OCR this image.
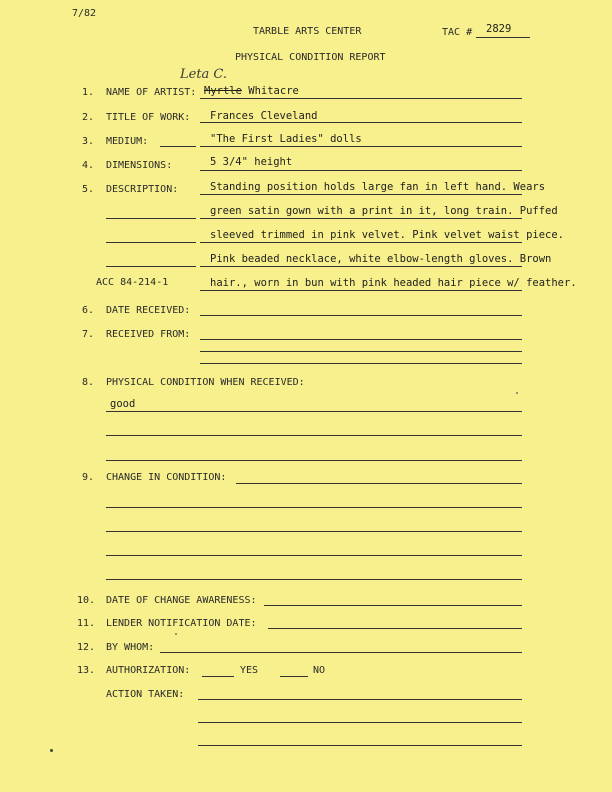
7/82
TARBLE ARTS CENTER	TAC # 2829
PHYSICAL CONDITION REPORT
Leta C.
1. NAME OF ARTIST: Myrtle Whitacre
2. TITLE OF WORK: Frances Cleveland
3. MEDIUM:	"The First Ladies" dolls
4. DIMENSIONS:	5 3/4" height
5. DESCRIPTION:	Standing position holds large fan in left hand. Wears
green satin gown with a print in it, long train. Puffed
sleeved trimmed in pink velvet. Pink velvet waist piece.
Pink beaded necklace, white elbow-length gloves. Brown
ACC 84-214-1	hair., worn in bun with pink headed hair piece w/ feather.
6. DATE RECEIVED:
7. RECEIVED FROM:
8. PHYSICAL CONDITION WHEN RECEIVED:
good
9. CHANGE IN CONDITION:
10. DATE OF CHANGE AWARENESS:
11. LENDER NOTIFICATION DATE:
12. BY WHOM:
13. AUTHORIZATION:	YES	NO
ACTION TAKEN:
